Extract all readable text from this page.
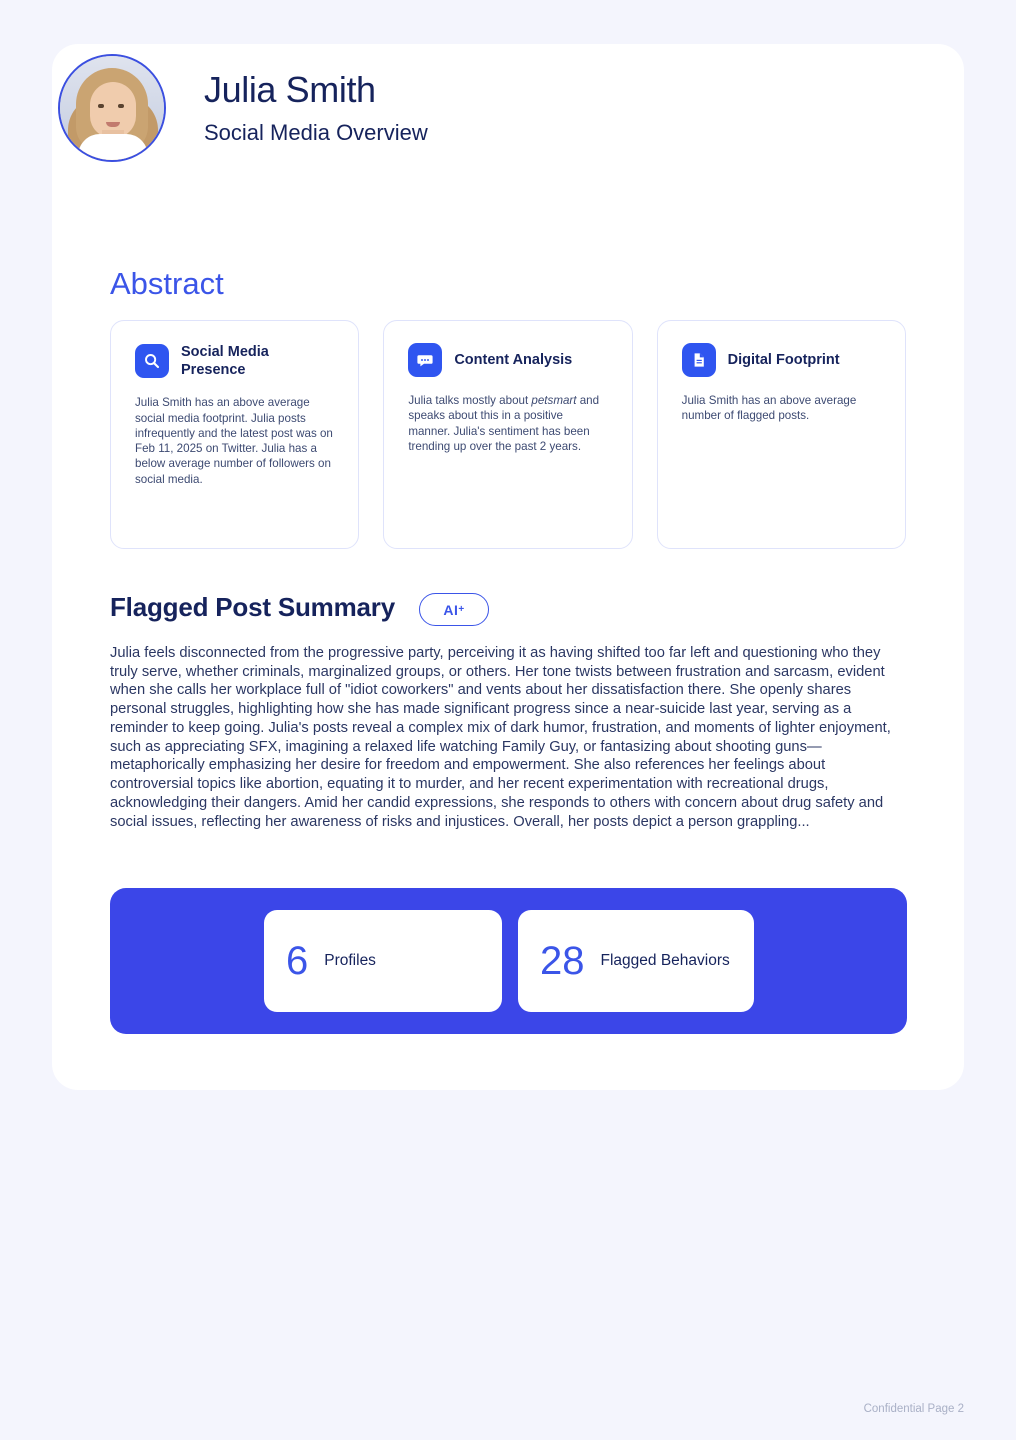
Julia Smith
Social Media Overview
Abstract
Social Media Presence
Julia Smith has an above average social media footprint. Julia posts infrequently and the latest post was on Feb 11, 2025 on Twitter. Julia has a below average number of followers on social media.
Content Analysis
Julia talks mostly about petsmart and speaks about this in a positive manner. Julia's sentiment has been trending up over the past 2 years.
Digital Footprint
Julia Smith has an above average number of flagged posts.
Flagged Post Summary	AI +
Julia feels disconnected from the progressive party, perceiving it as having shifted too far left and questioning who they truly serve, whether criminals, marginalized groups, or others. Her tone twists between frustration and sarcasm, evident when she calls her workplace full of "idiot coworkers" and vents about her dissatisfaction there. She openly shares personal struggles, highlighting how she has made significant progress since a near-suicide last year, serving as a reminder to keep going. Julia's posts reveal a complex mix of dark humor, frustration, and moments of lighter enjoyment, such as appreciating SFX, imagining a relaxed life watching Family Guy, or fantasizing about shooting guns—metaphorically emphasizing her desire for freedom and empowerment. She also references her feelings about controversial topics like abortion, equating it to murder, and her recent experimentation with recreational drugs, acknowledging their dangers. Amid her candid expressions, she responds to others with concern about drug safety and social issues, reflecting her awareness of risks and injustices. Overall, her posts depict a person grappling...
6 Profiles	28 Flagged Behaviors
Confidential Page 2
